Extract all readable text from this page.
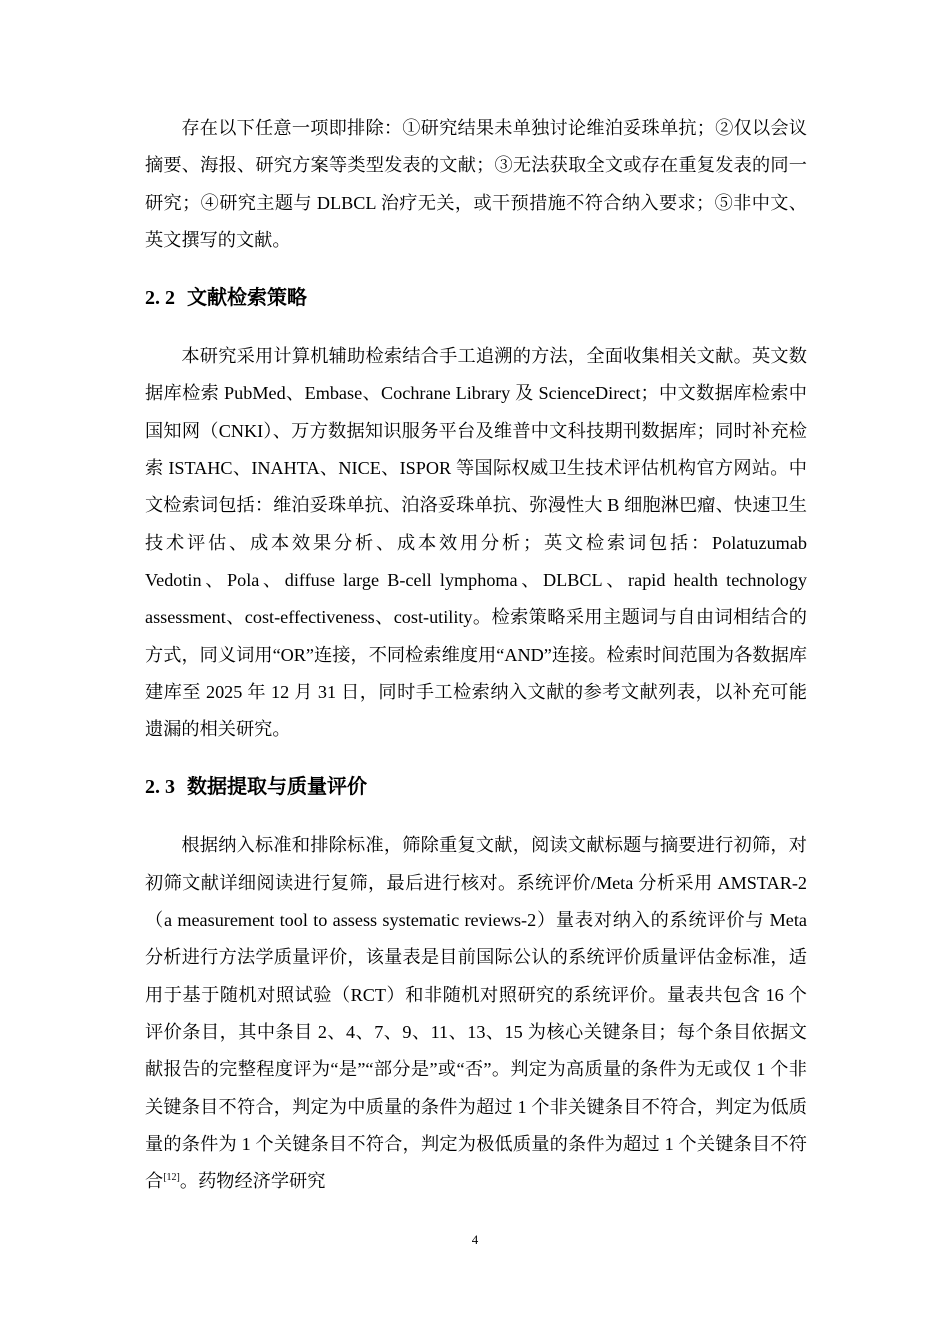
存在以下任意一项即排除：①研究结果未单独讨论维泊妥珠单抗；②仅以会议摘要、海报、研究方案等类型发表的文献；③无法获取全文或存在重复发表的同一研究；④研究主题与 DLBCL 治疗无关，或干预措施不符合纳入要求；⑤非中文、英文撰写的文献。

2. 2 文献检索策略

本研究采用计算机辅助检索结合手工追溯的方法，全面收集相关文献。英文数据库检索 PubMed、Embase、Cochrane Library 及 ScienceDirect；中文数据库检索中国知网（CNKI）、万方数据知识服务平台及维普中文科技期刊数据库；同时补充检索 ISTAHC、INAHTA、NICE、ISPOR 等国际权威卫生技术评估机构官方网站。中文检索词包括：维泊妥珠单抗、泊洛妥珠单抗、弥漫性大 B 细胞淋巴瘤、快速卫生技术评估、成本效果分析、成本效用分析；英文检索词包括：Polatuzumab Vedotin、Pola、diffuse large B-cell lymphoma、DLBCL、rapid health technology assessment、cost-effectiveness、cost-utility。检索策略采用主题词与自由词相结合的方式，同义词用“OR”连接，不同检索维度用“AND”连接。检索时间范围为各数据库建库至 2025 年 12 月 31 日，同时手工检索纳入文献的参考文献列表，以补充可能遗漏的相关研究。

2. 3 数据提取与质量评价

根据纳入标准和排除标准，筛除重复文献，阅读文献标题与摘要进行初筛，对初筛文献详细阅读进行复筛，最后进行核对。系统评价/Meta 分析采用 AMSTAR-2（a measurement tool to assess systematic reviews-2）量表对纳入的系统评价与 Meta 分析进行方法学质量评价，该量表是目前国际公认的系统评价质量评估金标准，适用于基于随机对照试验（RCT）和非随机对照研究的系统评价。量表共包含 16 个评价条目，其中条目 2、4、7、9、11、13、15 为核心关键条目；每个条目依据文献报告的完整程度评为“是”“部分是”或“否”。判定为高质量的条件为无或仅 1 个非关键条目不符合，判定为中质量的条件为超过 1 个非关键条目不符合，判定为低质量的条件为 1 个关键条目不符合，判定为极低质量的条件为超过 1 个关键条目不符合[12]。药物经济学研究

4
